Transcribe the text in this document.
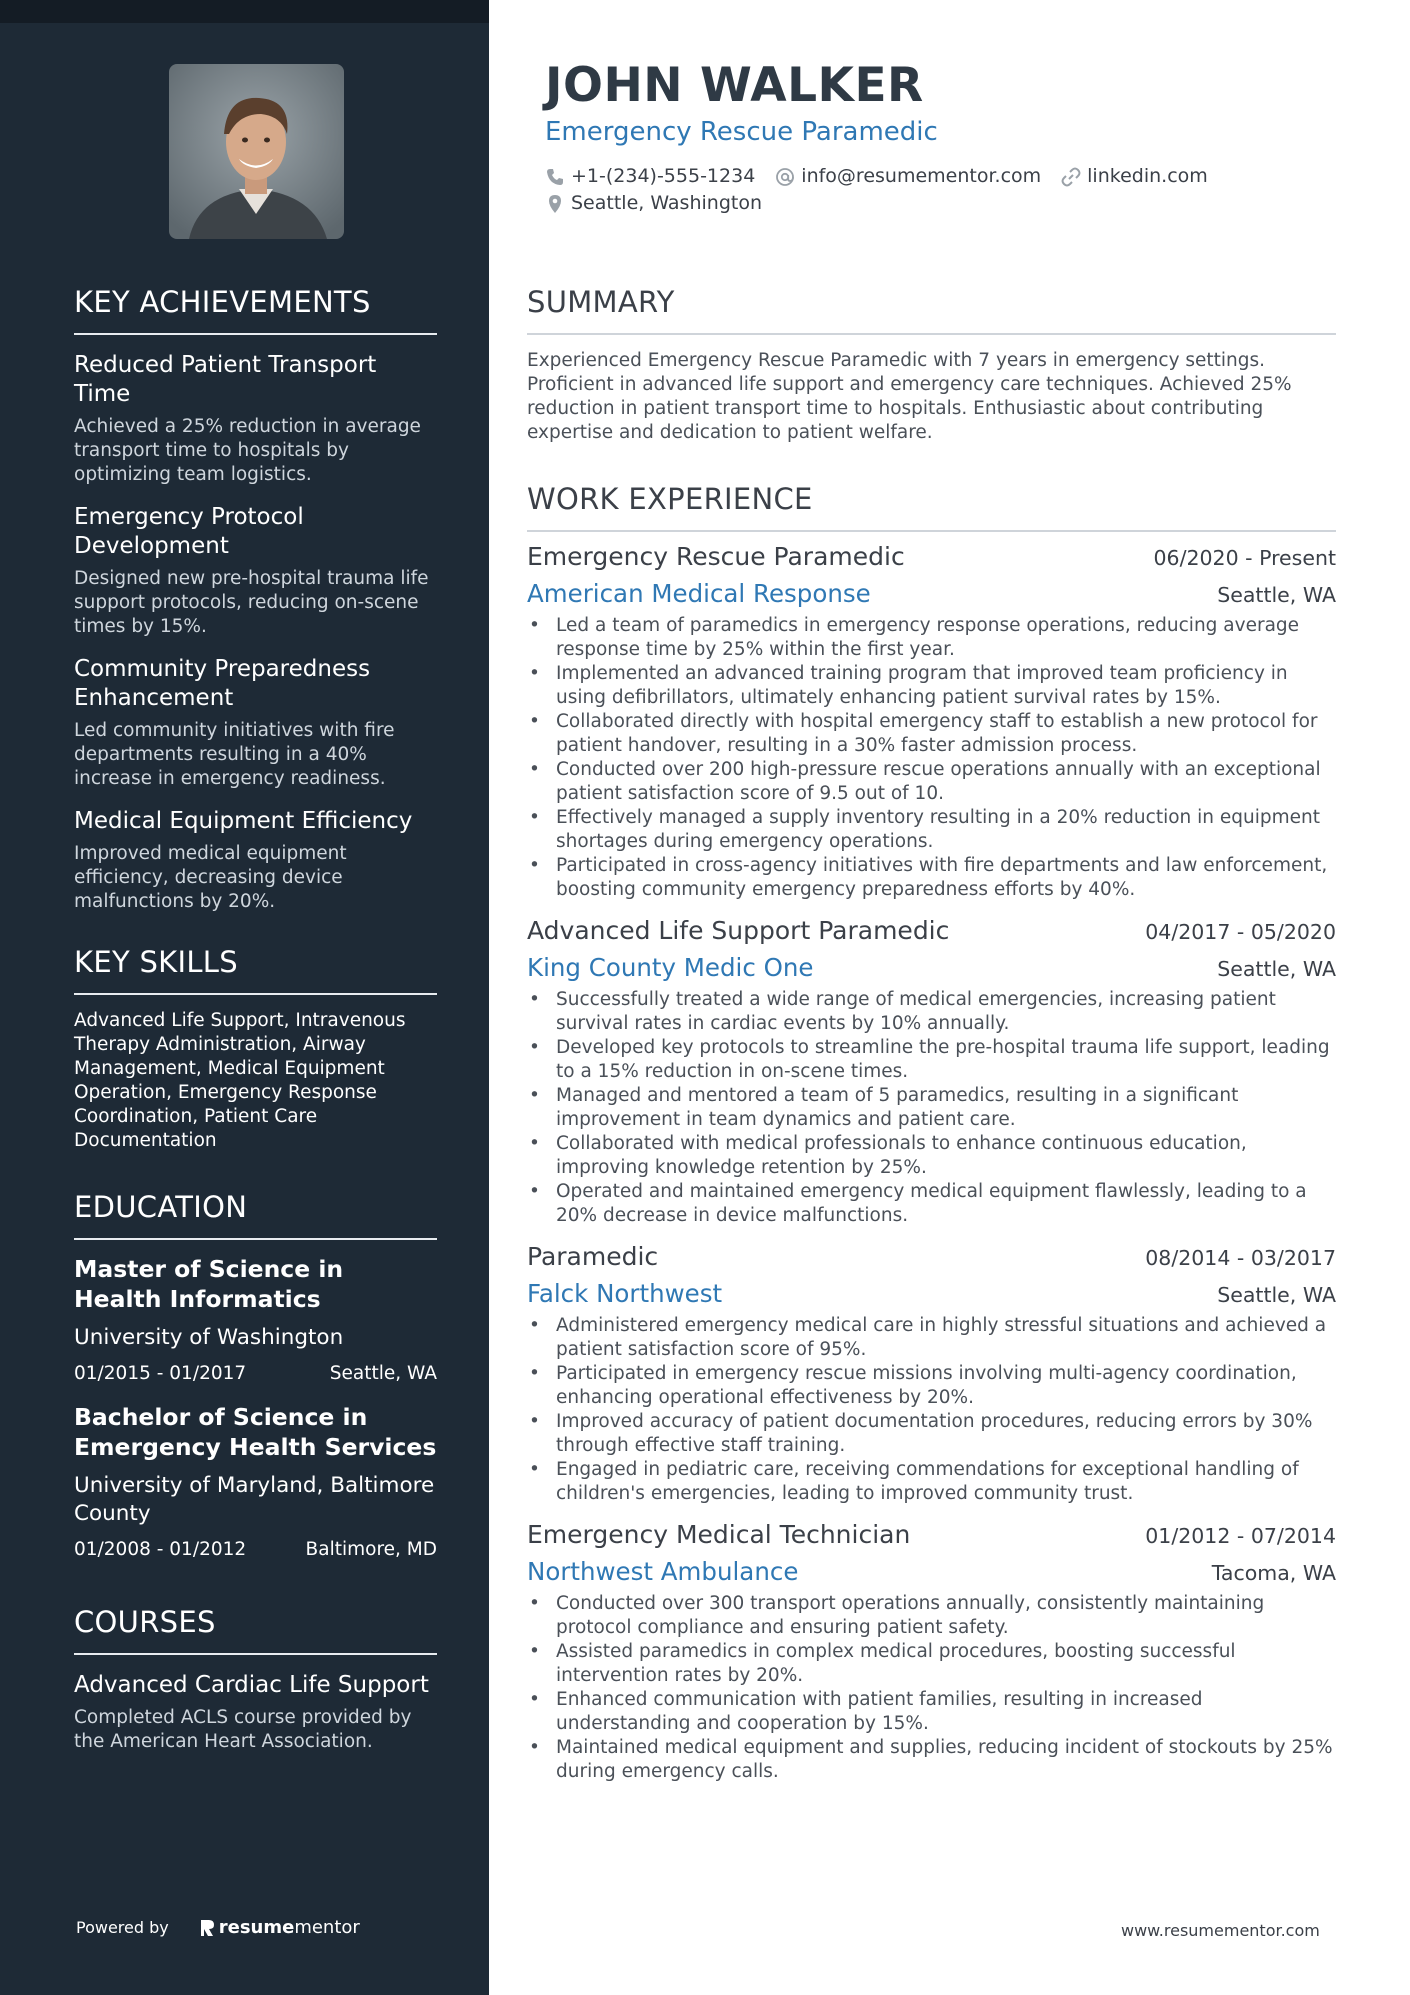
KEY ACHIEVEMENTS
Reduced Patient Transport Time
Achieved a 25% reduction in average transport time to hospitals by optimizing team logistics.
Emergency Protocol Development
Designed new pre-hospital trauma life support protocols, reducing on-scene times by 15%.
Community Preparedness Enhancement
Led community initiatives with fire departments resulting in a 40% increase in emergency readiness.
Medical Equipment Efficiency
Improved medical equipment efficiency, decreasing device malfunctions by 20%.
KEY SKILLS
Advanced Life Support, Intravenous Therapy Administration, Airway Management, Medical Equipment Operation, Emergency Response Coordination, Patient Care Documentation
EDUCATION
Master of Science in Health Informatics
University of Washington
01/2015 - 01/2017	Seattle, WA
Bachelor of Science in Emergency Health Services
University of Maryland, Baltimore County
01/2008 - 01/2012	Baltimore, MD
COURSES
Advanced Cardiac Life Support
Completed ACLS course provided by the American Heart Association.
Powered by	resume mentor
JOHN WALKER
Emergency Rescue Paramedic
+1-(234)-555-1234 info@resumementor.com linkedin.com
Seattle, Washington
SUMMARY
Experienced Emergency Rescue Paramedic with 7 years in emergency settings. Proficient in advanced life support and emergency care techniques. Achieved 25% reduction in patient transport time to hospitals. Enthusiastic about contributing expertise and dedication to patient welfare.
WORK EXPERIENCE
Emergency Rescue Paramedic	06/2020 - Present
American Medical Response	Seattle, WA
• Led a team of paramedics in emergency response operations, reducing average response time by 25% within the first year.
• Implemented an advanced training program that improved team proficiency in using defibrillators, ultimately enhancing patient survival rates by 15%.
• Collaborated directly with hospital emergency staff to establish a new protocol for patient handover, resulting in a 30% faster admission process.
• Conducted over 200 high-pressure rescue operations annually with an exceptional patient satisfaction score of 9.5 out of 10.
• Effectively managed a supply inventory resulting in a 20% reduction in equipment shortages during emergency operations.
• Participated in cross-agency initiatives with fire departments and law enforcement, boosting community emergency preparedness efforts by 40%.
Advanced Life Support Paramedic	04/2017 - 05/2020
King County Medic One	Seattle, WA
• Successfully treated a wide range of medical emergencies, increasing patient survival rates in cardiac events by 10% annually.
• Developed key protocols to streamline the pre-hospital trauma life support, leading to a 15% reduction in on-scene times.
• Managed and mentored a team of 5 paramedics, resulting in a significant improvement in team dynamics and patient care.
• Collaborated with medical professionals to enhance continuous education, improving knowledge retention by 25%.
• Operated and maintained emergency medical equipment flawlessly, leading to a 20% decrease in device malfunctions.
Paramedic	08/2014 - 03/2017
Falck Northwest	Seattle, WA
• Administered emergency medical care in highly stressful situations and achieved a patient satisfaction score of 95%.
• Participated in emergency rescue missions involving multi-agency coordination, enhancing operational effectiveness by 20%.
• Improved accuracy of patient documentation procedures, reducing errors by 30% through effective staff training.
• Engaged in pediatric care, receiving commendations for exceptional handling of children's emergencies, leading to improved community trust.
Emergency Medical Technician	01/2012 - 07/2014
Northwest Ambulance	Tacoma, WA
• Conducted over 300 transport operations annually, consistently maintaining protocol compliance and ensuring patient safety.
• Assisted paramedics in complex medical procedures, boosting successful intervention rates by 20%.
• Enhanced communication with patient families, resulting in increased understanding and cooperation by 15%.
• Maintained medical equipment and supplies, reducing incident of stockouts by 25% during emergency calls.
www.resumementor.com
